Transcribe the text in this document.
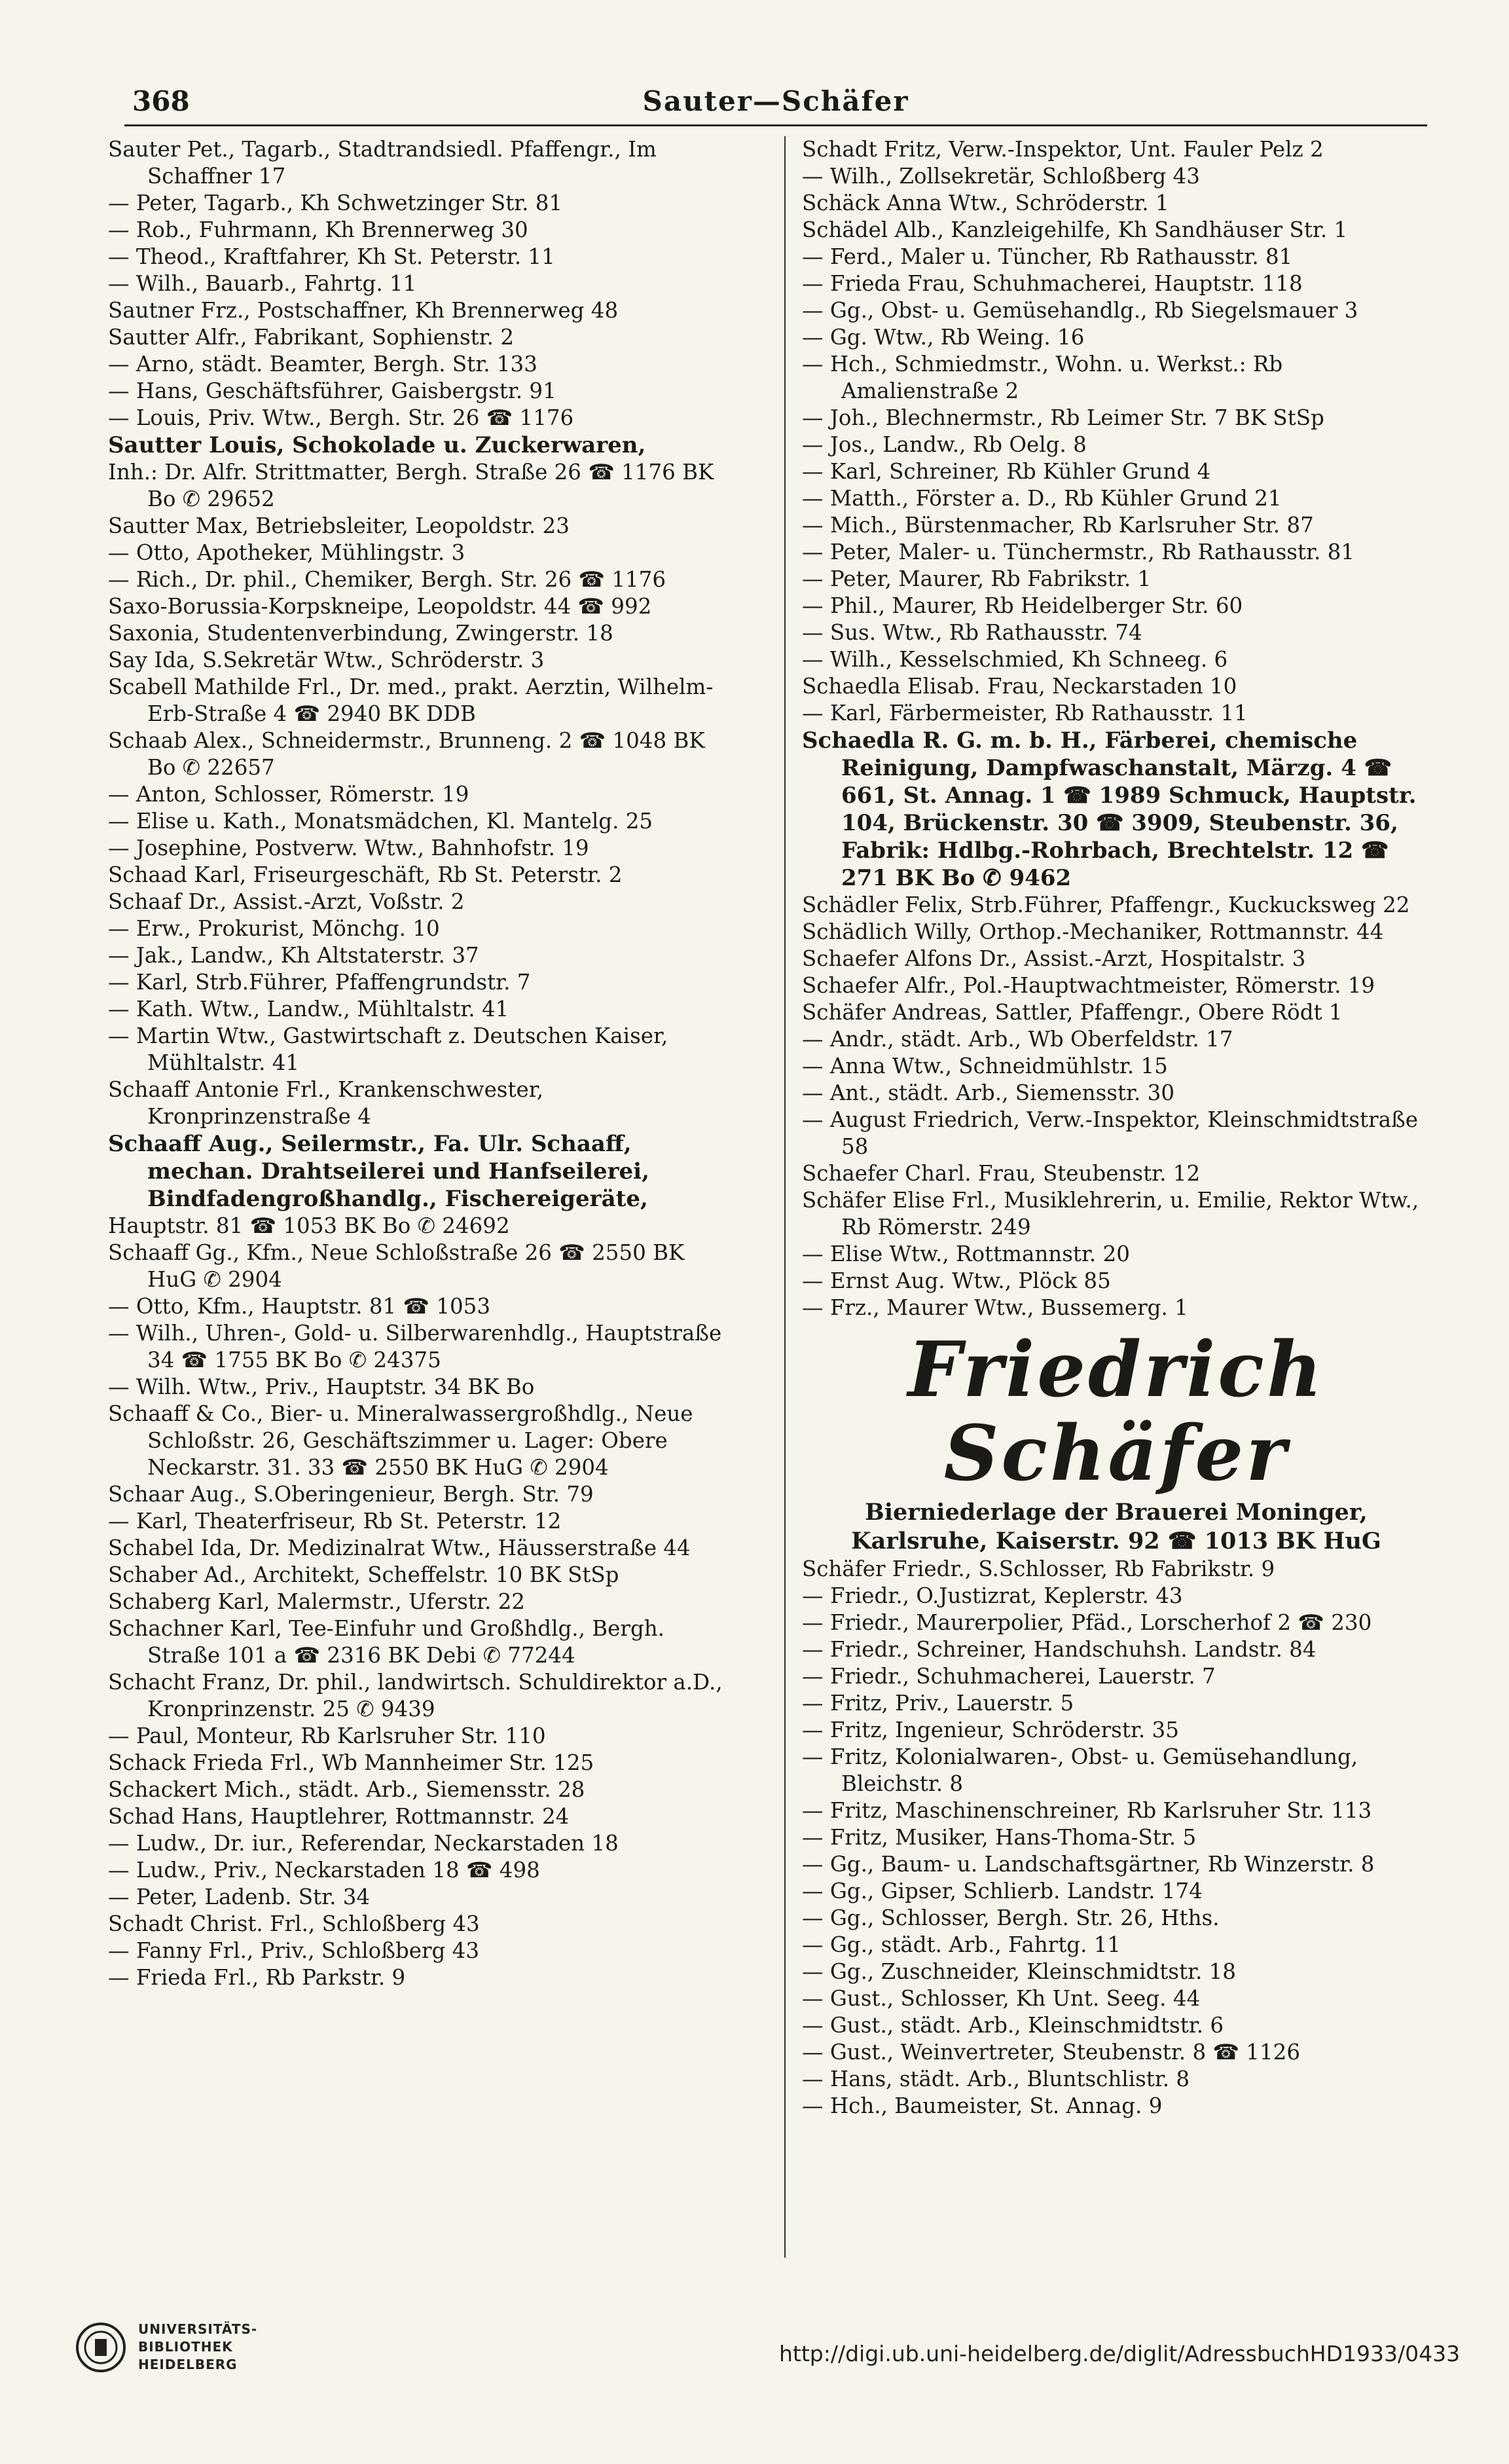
368	Sauter—Schäfer

Sauter Pet., Tagarb., Stadtrandsiedl. Pfaffengr., Im Schaffner 17

— Peter, Tagarb., Kh Schwetzinger Str. 81

— Rob., Fuhrmann, Kh Brennerweg 30

— Theod., Kraftfahrer, Kh St. Peterstr. 11

— Wilh., Bauarb., Fahrtg. 11

Sautner Frz., Postschaffner, Kh Brennerweg 48

Sautter Alfr., Fabrikant, Sophienstr. 2

— Arno, städt. Beamter, Bergh. Str. 133

— Hans, Geschäftsführer, Gaisbergstr. 91

— Louis, Priv. Wtw., Bergh. Str. 26 ☎ 1176

Sautter Louis, Schokolade u. Zuckerwaren,

Inh.: Dr. Alfr. Strittmatter, Bergh. Straße 26 ☎ 1176 BK Bo ✆ 29652

Sautter Max, Betriebsleiter, Leopoldstr. 23

— Otto, Apotheker, Mühlingstr. 3

— Rich., Dr. phil., Chemiker, Bergh. Str. 26 ☎ 1176

Saxo-Borussia-Korpskneipe, Leopoldstr. 44 ☎ 992

Saxonia, Studentenverbindung, Zwingerstr. 18

Say Ida, S.Sekretär Wtw., Schröderstr. 3

Scabell Mathilde Frl., Dr. med., prakt. Aerztin, Wilhelm-Erb-Straße 4 ☎ 2940 BK DDB

Schaab Alex., Schneidermstr., Brunneng. 2 ☎ 1048 BK Bo ✆ 22657

— Anton, Schlosser, Römerstr. 19

— Elise u. Kath., Monatsmädchen, Kl. Mantelg. 25

— Josephine, Postverw. Wtw., Bahnhofstr. 19

Schaad Karl, Friseurgeschäft, Rb St. Peterstr. 2

Schaaf Dr., Assist.-Arzt, Voßstr. 2

— Erw., Prokurist, Mönchg. 10

— Jak., Landw., Kh Altstaterstr. 37

— Karl, Strb.Führer, Pfaffengrundstr. 7

— Kath. Wtw., Landw., Mühltalstr. 41

— Martin Wtw., Gastwirtschaft z. Deutschen Kaiser, Mühltalstr. 41

Schaaff Antonie Frl., Krankenschwester, Kronprinzenstraße 4

Schaaff Aug., Seilermstr., Fa. Ulr. Schaaff, mechan. Drahtseilerei und Hanfseilerei, Bindfadengroßhandlg., Fischereigeräte,

Hauptstr. 81 ☎ 1053 BK Bo ✆ 24692

Schaaff Gg., Kfm., Neue Schloßstraße 26 ☎ 2550 BK HuG ✆ 2904

— Otto, Kfm., Hauptstr. 81 ☎ 1053

— Wilh., Uhren-, Gold- u. Silberwarenhdlg., Hauptstraße 34 ☎ 1755 BK Bo ✆ 24375

— Wilh. Wtw., Priv., Hauptstr. 34 BK Bo

Schaaff & Co., Bier- u. Mineralwassergroßhdlg., Neue Schloßstr. 26, Geschäftszimmer u. Lager: Obere Neckarstr. 31. 33 ☎ 2550 BK HuG ✆ 2904

Schaar Aug., S.Oberingenieur, Bergh. Str. 79

— Karl, Theaterfriseur, Rb St. Peterstr. 12

Schabel Ida, Dr. Medizinalrat Wtw., Häusserstraße 44

Schaber Ad., Architekt, Scheffelstr. 10 BK StSp

Schaberg Karl, Malermstr., Uferstr. 22

Schachner Karl, Tee-Einfuhr und Großhdlg., Bergh. Straße 101 a ☎ 2316 BK Debi ✆ 77244

Schacht Franz, Dr. phil., landwirtsch. Schuldirektor a.D., Kronprinzenstr. 25 ✆ 9439

— Paul, Monteur, Rb Karlsruher Str. 110

Schack Frieda Frl., Wb Mannheimer Str. 125

Schackert Mich., städt. Arb., Siemensstr. 28

Schad Hans, Hauptlehrer, Rottmannstr. 24

— Ludw., Dr. iur., Referendar, Neckarstaden 18

— Ludw., Priv., Neckarstaden 18 ☎ 498

— Peter, Ladenb. Str. 34

Schadt Christ. Frl., Schloßberg 43

— Fanny Frl., Priv., Schloßberg 43

— Frieda Frl., Rb Parkstr. 9

Schadt Fritz, Verw.-Inspektor, Unt. Fauler Pelz 2

— Wilh., Zollsekretär, Schloßberg 43

Schäck Anna Wtw., Schröderstr. 1

Schädel Alb., Kanzleigehilfe, Kh Sandhäuser Str. 1

— Ferd., Maler u. Tüncher, Rb Rathausstr. 81

— Frieda Frau, Schuhmacherei, Hauptstr. 118

— Gg., Obst- u. Gemüsehandlg., Rb Siegelsmauer 3

— Gg. Wtw., Rb Weing. 16

— Hch., Schmiedmstr., Wohn. u. Werkst.: Rb Amalienstraße 2

— Joh., Blechnermstr., Rb Leimer Str. 7 BK StSp

— Jos., Landw., Rb Oelg. 8

— Karl, Schreiner, Rb Kühler Grund 4

— Matth., Förster a. D., Rb Kühler Grund 21

— Mich., Bürstenmacher, Rb Karlsruher Str. 87

— Peter, Maler- u. Tünchermstr., Rb Rathausstr. 81

— Peter, Maurer, Rb Fabrikstr. 1

— Phil., Maurer, Rb Heidelberger Str. 60

— Sus. Wtw., Rb Rathausstr. 74

— Wilh., Kesselschmied, Kh Schneeg. 6

Schaedla Elisab. Frau, Neckarstaden 10

— Karl, Färbermeister, Rb Rathausstr. 11

Schaedla R. G. m. b. H., Färberei, chemische Reinigung, Dampfwaschanstalt, Märzg. 4 ☎ 661, St. Annag. 1 ☎ 1989 Schmuck, Hauptstr. 104, Brückenstr. 30 ☎ 3909, Steubenstr. 36, Fabrik: Hdlbg.-Rohrbach, Brechtelstr. 12 ☎ 271 BK Bo ✆ 9462

Schädler Felix, Strb.Führer, Pfaffengr., Kuckucksweg 22

Schädlich Willy, Orthop.-Mechaniker, Rottmannstr. 44

Schaefer Alfons Dr., Assist.-Arzt, Hospitalstr. 3

Schaefer Alfr., Pol.-Hauptwachtmeister, Römerstr. 19

Schäfer Andreas, Sattler, Pfaffengr., Obere Rödt 1

— Andr., städt. Arb., Wb Oberfeldstr. 17

— Anna Wtw., Schneidmühlstr. 15

— Ant., städt. Arb., Siemensstr. 30

— August Friedrich, Verw.-Inspektor, Kleinschmidtstraße 58

Schaefer Charl. Frau, Steubenstr. 12

Schäfer Elise Frl., Musiklehrerin, u. Emilie, Rektor Wtw., Rb Römerstr. 249

— Elise Wtw., Rottmannstr. 20

— Ernst Aug. Wtw., Plöck 85

— Frz., Maurer Wtw., Bussemerg. 1

Friedrich Schäfer
Bierniederlage der Brauerei Moninger,
Karlsruhe, Kaiserstr. 92 ☎ 1013 BK HuG

Schäfer Friedr., S.Schlosser, Rb Fabrikstr. 9

— Friedr., O.Justizrat, Keplerstr. 43

— Friedr., Maurerpolier, Pfäd., Lorscherhof 2 ☎ 230

— Friedr., Schreiner, Handschuhsh. Landstr. 84

— Friedr., Schuhmacherei, Lauerstr. 7

— Fritz, Priv., Lauerstr. 5

— Fritz, Ingenieur, Schröderstr. 35

— Fritz, Kolonialwaren-, Obst- u. Gemüsehandlung, Bleichstr. 8

— Fritz, Maschinenschreiner, Rb Karlsruher Str. 113

— Fritz, Musiker, Hans-Thoma-Str. 5

— Gg., Baum- u. Landschaftsgärtner, Rb Winzerstr. 8

— Gg., Gipser, Schlierb. Landstr. 174

— Gg., Schlosser, Bergh. Str. 26, Hths.

— Gg., städt. Arb., Fahrtg. 11

— Gg., Zuschneider, Kleinschmidtstr. 18

— Gust., Schlosser, Kh Unt. Seeg. 44

— Gust., städt. Arb., Kleinschmidtstr. 6

— Gust., Weinvertreter, Steubenstr. 8 ☎ 1126

— Hans, städt. Arb., Bluntschlistr. 8

— Hch., Baumeister, St. Annag. 9

UNIVERSITÄTS-
BIBLIOTHEK
HEIDELBERG	http://digi.ub.uni-heidelberg.de/diglit/AdressbuchHD1933/0433
